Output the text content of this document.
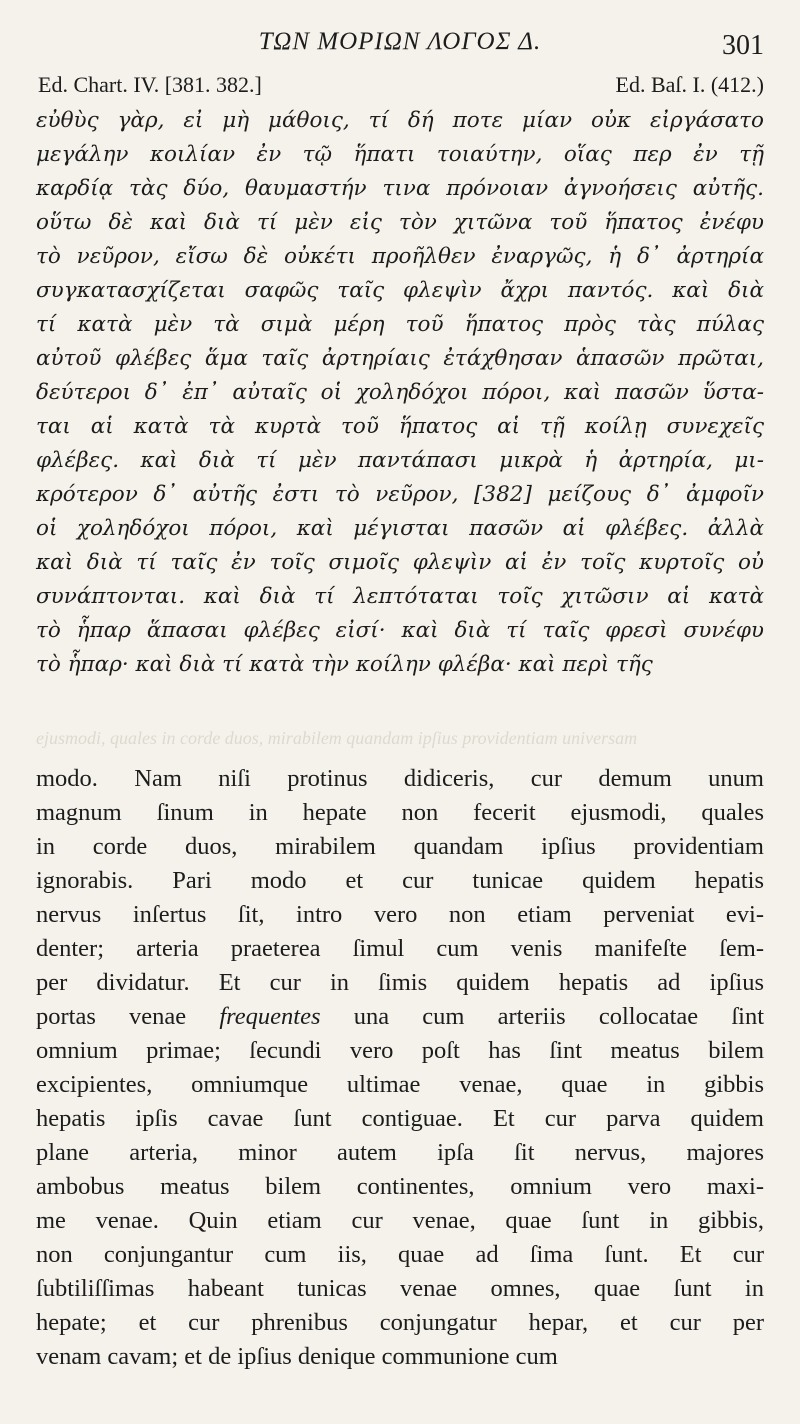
ΤΩΝ ΜΟΡΙΩΝ ΛΟΓΟΣ Δ.	301
Ed. Chart. IV. [381. 382.]	Ed. Baſ. I. (412.)
εὐθὺς γὰρ, εἰ μὴ μάθοις, τί δή ποτε μίαν οὐκ εἰργάσατο
μεγάλην κοιλίαν ἐν τῷ ἥπατι τοιαύτην, οἵας περ ἐν τῇ
καρδίᾳ τὰς δύο, θαυμαστήν τινα πρόνοιαν ἀγνοήσεις αὐτῆς.
οὕτω δὲ καὶ διὰ τί μὲν εἰς τὸν χιτῶνα τοῦ ἥπατος ἐνέφυ
τὸ νεῦρον, εἴσω δὲ οὐκέτι προῆλθεν ἐναργῶς, ἡ δ᾽ ἀρτηρία
συγκατασχίζεται σαφῶς ταῖς φλεψὶν ἄχρι παντός. καὶ διὰ
τί κατὰ μὲν τὰ σιμὰ μέρη τοῦ ἥπατος πρὸς τὰς πύλας
αὐτοῦ φλέβες ἅμα ταῖς ἀρτηρίαις ἐτάχθησαν ἁπασῶν πρῶται,
δεύτεροι δ᾽ ἐπ᾽ αὐταῖς οἱ χοληδόχοι πόροι, καὶ πασῶν ὕστα-
ται αἱ κατὰ τὰ κυρτὰ τοῦ ἥπατος αἱ τῇ κοίλῃ συνεχεῖς
φλέβες. καὶ διὰ τί μὲν παντάπασι μικρὰ ἡ ἀρτηρία, μι-
κρότερον δ᾽ αὐτῆς ἐστι τὸ νεῦρον, [382] μείζους δ᾽ ἀμφοῖν
οἱ χοληδόχοι πόροι, καὶ μέγισται πασῶν αἱ φλέβες. ἀλλὰ
καὶ διὰ τί ταῖς ἐν τοῖς σιμοῖς φλεψὶν αἱ ἐν τοῖς κυρτοῖς οὐ
συνάπτονται. καὶ διὰ τί λεπτόταται τοῖς χιτῶσιν αἱ κατὰ
τὸ ἧπαρ ἅπασαι φλέβες εἰσί· καὶ διὰ τί ταῖς φρεσὶ συνέφυ
τὸ ἧπαρ· καὶ διὰ τί κατὰ τὴν κοίλην φλέβα· καὶ περὶ τῆς
ejusmodi, quales in corde duos, mirabilem quandam ipſius providentiam universam
modo. Nam niſi protinus didiceris, cur demum unum
magnum ſinum in hepate non fecerit ejusmodi, quales
in corde duos, mirabilem quandam ipſius providentiam
ignorabis. Pari modo et cur tunicae quidem hepatis
nervus inſertus ſit, intro vero non etiam perveniat evi-
denter; arteria praeterea ſimul cum venis manifeſte ſem-
per dividatur. Et cur in ſimis quidem hepatis ad ipſius
portas venae frequentes una cum arteriis collocatae ſint
omnium primae; ſecundi vero poſt has ſint meatus bilem
excipientes, omniumque ultimae venae, quae in gibbis
hepatis ipſis cavae ſunt contiguae. Et cur parva quidem
plane arteria, minor autem ipſa ſit nervus, majores
ambobus meatus bilem continentes, omnium vero maxi-
me venae. Quin etiam cur venae, quae ſunt in gibbis,
non conjungantur cum iis, quae ad ſima ſunt. Et cur
ſubtiliſſimas habeant tunicas venae omnes, quae ſunt in
hepate; et cur phrenibus conjungatur hepar, et cur per
venam cavam; et de ipſius denique communione cum
